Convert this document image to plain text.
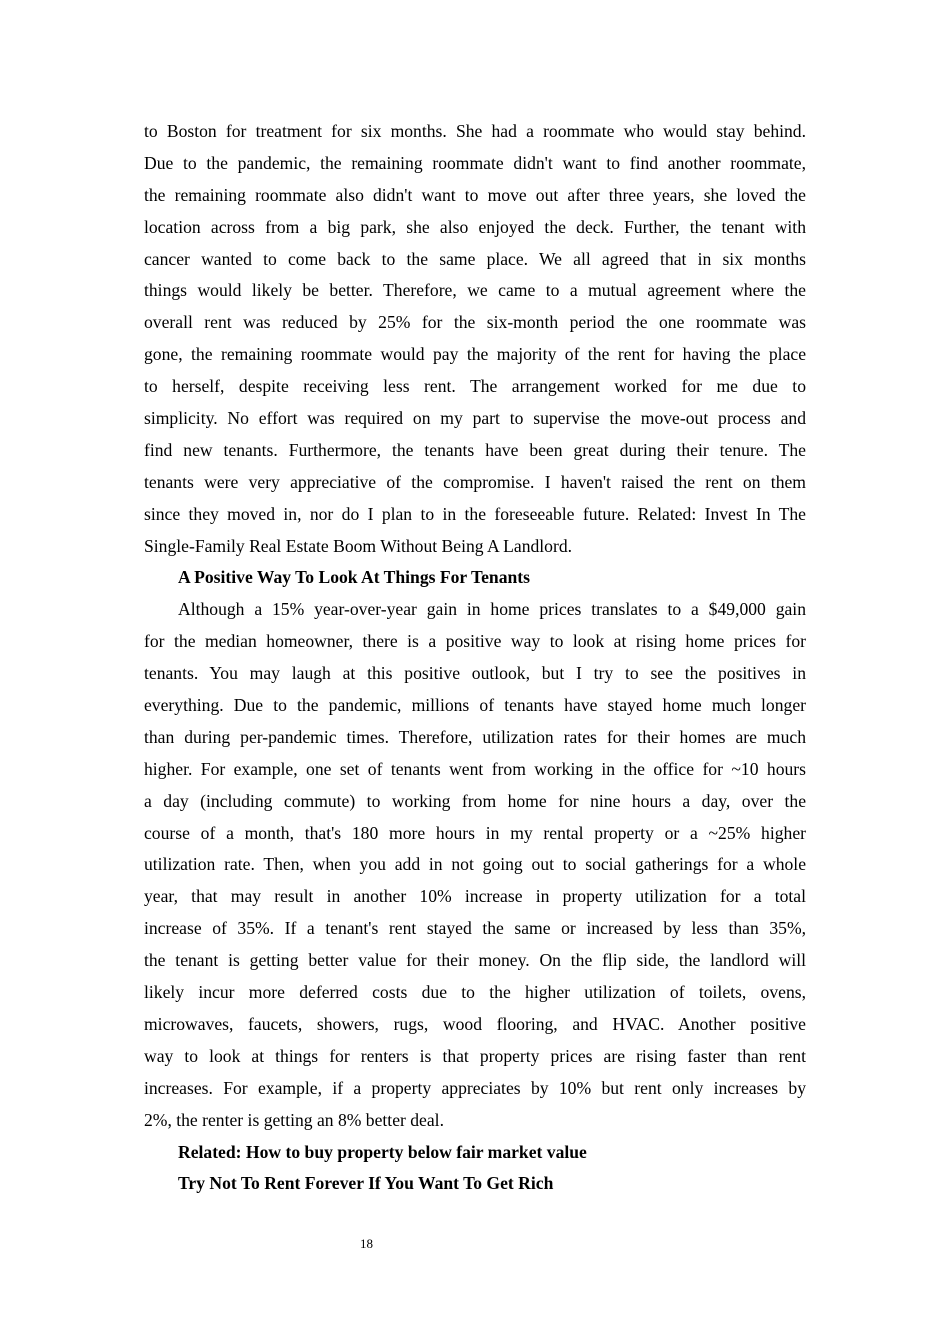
to Boston for treatment for six months. She had a roommate who would stay behind.
Due to the pandemic, the remaining roommate didn't want to find another roommate,
the remaining roommate also didn't want to move out after three years, she loved the
location across from a big park, she also enjoyed the deck. Further, the tenant with
cancer wanted to come back to the same place. We all agreed that in six months
things would likely be better. Therefore, we came to a mutual agreement where the
overall rent was reduced by 25% for the six-month period the one roommate was
gone, the remaining roommate would pay the majority of the rent for having the place
to herself, despite receiving less rent. The arrangement worked for me due to
simplicity. No effort was required on my part to supervise the move-out process and
find new tenants. Furthermore, the tenants have been great during their tenure. The
tenants were very appreciative of the compromise. I haven't raised the rent on them
since they moved in, nor do I plan to in the foreseeable future. Related: Invest In The
Single-Family Real Estate Boom Without Being A Landlord.
A Positive Way To Look At Things For Tenants
Although a 15% year-over-year gain in home prices translates to a $49,000 gain
for the median homeowner, there is a positive way to look at rising home prices for
tenants. You may laugh at this positive outlook, but I try to see the positives in
everything. Due to the pandemic, millions of tenants have stayed home much longer
than during per-pandemic times. Therefore, utilization rates for their homes are much
higher. For example, one set of tenants went from working in the office for ~10 hours
a day (including commute) to working from home for nine hours a day, over the
course of a month, that's 180 more hours in my rental property or a ~25% higher
utilization rate. Then, when you add in not going out to social gatherings for a whole
year, that may result in another 10% increase in property utilization for a total
increase of 35%. If a tenant's rent stayed the same or increased by less than 35%,
the tenant is getting better value for their money. On the flip side, the landlord will
likely incur more deferred costs due to the higher utilization of toilets, ovens,
microwaves, faucets, showers, rugs, wood flooring, and HVAC. Another positive
way to look at things for renters is that property prices are rising faster than rent
increases. For example, if a property appreciates by 10% but rent only increases by
2%, the renter is getting an 8% better deal.
Related: How to buy property below fair market value
Try Not To Rent Forever If You Want To Get Rich
18
